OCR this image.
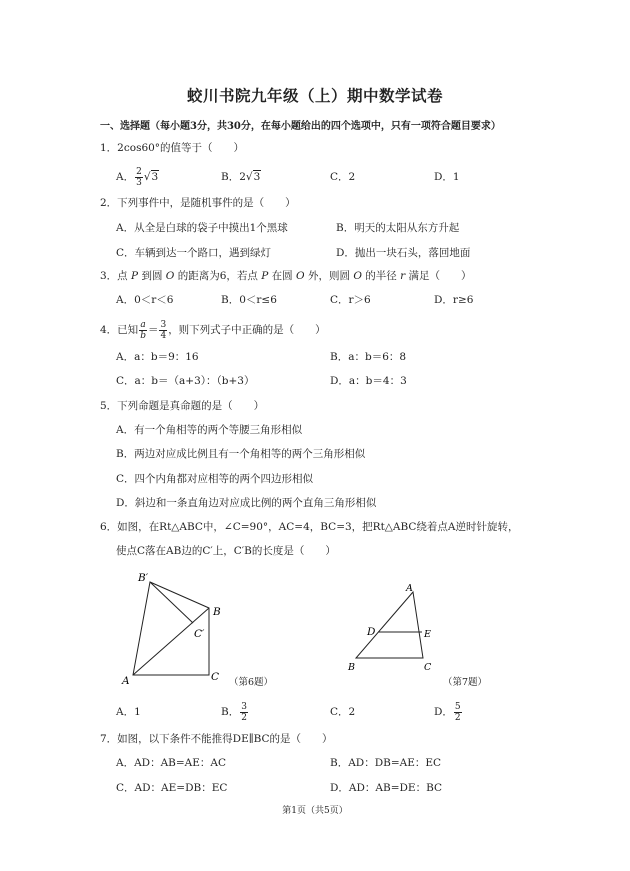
蛟川书院九年级（上）期中数学试卷
一、选择题（每小题3分，共30分，在每小题给出的四个选项中，只有一项符合题目要求）
1．2cos60°的值等于（　　）
A． $\frac{2}{3} √3$	B．2√3	C．2	D．1
2．下列事件中，是随机事件的是（　　）
A．从全是白球的袋子中摸出1个黑球	B．明天的太阳从东方升起
C．车辆到达一个路口，遇到绿灯	D．抛出一块石头，落回地面
3．点 P 到圆 O 的距离为6，若点 P 在圆 O 外，则圆 O 的半径 r 满足（　　）
A．0＜r＜6	B．0＜r≤6	C．r＞6	D．r≥6
4．已知 $\frac{a}{b} = \frac{3}{4}$ ，则下列式子中正确的是（　　）
A．a：b＝9：16	B．a：b＝6：8
C．a：b＝（a+3）：（b+3）	D．a：b＝4：3
5．下列命题是真命题的是（　　）
A．有一个角相等的两个等腰三角形相似
B．两边对应成比例且有一个角相等的两个三角形相似
C．四个内角都对应相等的两个四边形相似
D．斜边和一条直角边对应成比例的两个直角三角形相似
6．如图，在Rt△ABC中，∠C=90°，AC=4，BC=3，把Rt△ABC绕着点A逆时针旋转，
使点C落在AB边的C′上，C′B的长度是（　　）
B′
B
C′
A	C
A
D	E
B	C
（第6题）	（第7题）
A．1	B． $\frac{3}{2}$	C．2	D． $\frac{5}{2}$
7．如图，以下条件不能推得DE∥BC的是（　　）
A．AD：AB=AE：AC	B．AD：DB=AE：EC
C．AD：AE=DB：EC	D．AD：AB=DE：BC
第1页（共5页）
